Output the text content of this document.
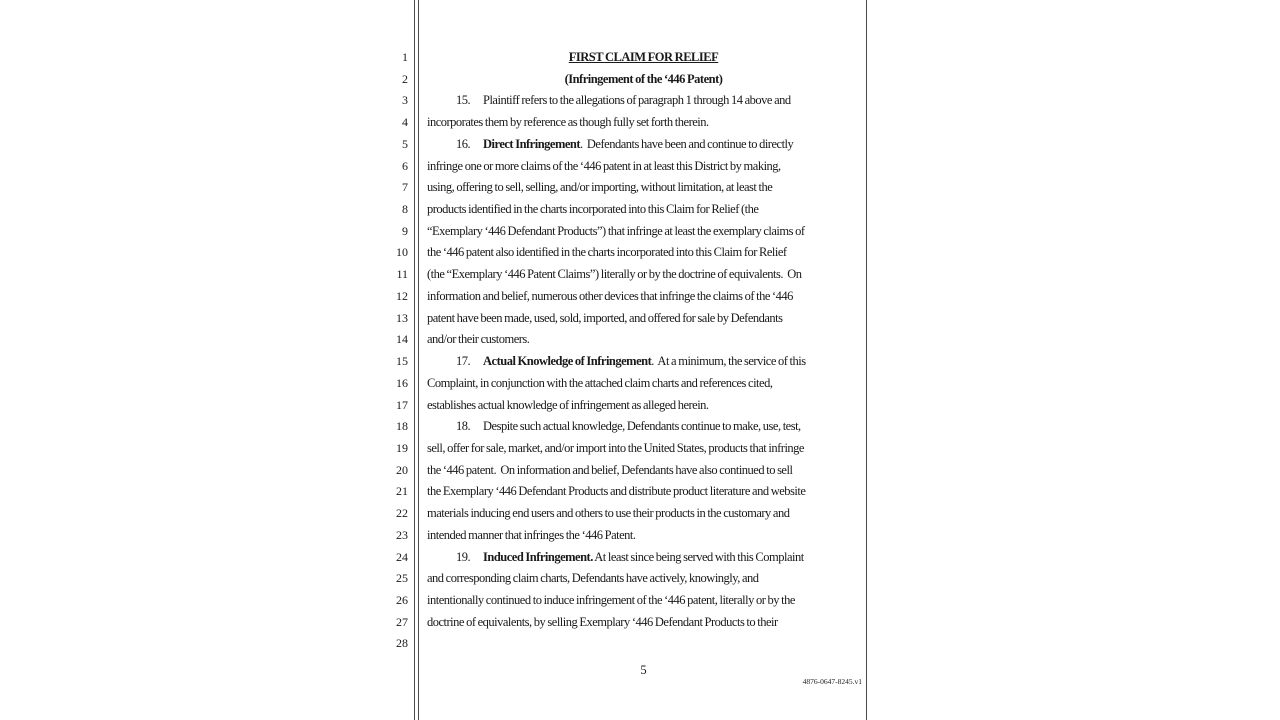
1
2
3
4
5
6
7
8
9
10
11
12
13
14
15
16
17
18
19
20
21
22
23
24
25
26
27
28
FIRST CLAIM FOR RELIEF
(Infringement of the ‘446 Patent)
15. Plaintiff refers to the allegations of paragraph 1 through 14 above and
incorporates them by reference as though fully set forth therein.
16. Direct Infringement.  Defendants have been and continue to directly
infringe one or more claims of the ‘446 patent in at least this District by making,
using, offering to sell, selling, and/or importing, without limitation, at least the
products identified in the charts incorporated into this Claim for Relief (the
“Exemplary ‘446 Defendant Products”) that infringe at least the exemplary claims of
the ‘446 patent also identified in the charts incorporated into this Claim for Relief
(the “Exemplary ‘446 Patent Claims”) literally or by the doctrine of equivalents.  On
information and belief, numerous other devices that infringe the claims of the ‘446
patent have been made, used, sold, imported, and offered for sale by Defendants
and/or their customers.
17. Actual Knowledge of Infringement.  At a minimum, the service of this
Complaint, in conjunction with the attached claim charts and references cited,
establishes actual knowledge of infringement as alleged herein.
18. Despite such actual knowledge, Defendants continue to make, use, test,
sell, offer for sale, market, and/or import into the United States, products that infringe
the ‘446 patent.  On information and belief, Defendants have also continued to sell
the Exemplary ‘446 Defendant Products and distribute product literature and website
materials inducing end users and others to use their products in the customary and
intended manner that infringes the ‘446 Patent.
19. Induced Infringement. At least since being served with this Complaint
and corresponding claim charts, Defendants have actively, knowingly, and
intentionally continued to induce infringement of the ‘446 patent, literally or by the
doctrine of equivalents, by selling Exemplary ‘446 Defendant Products to their
5
4876-0647-8245.v1
